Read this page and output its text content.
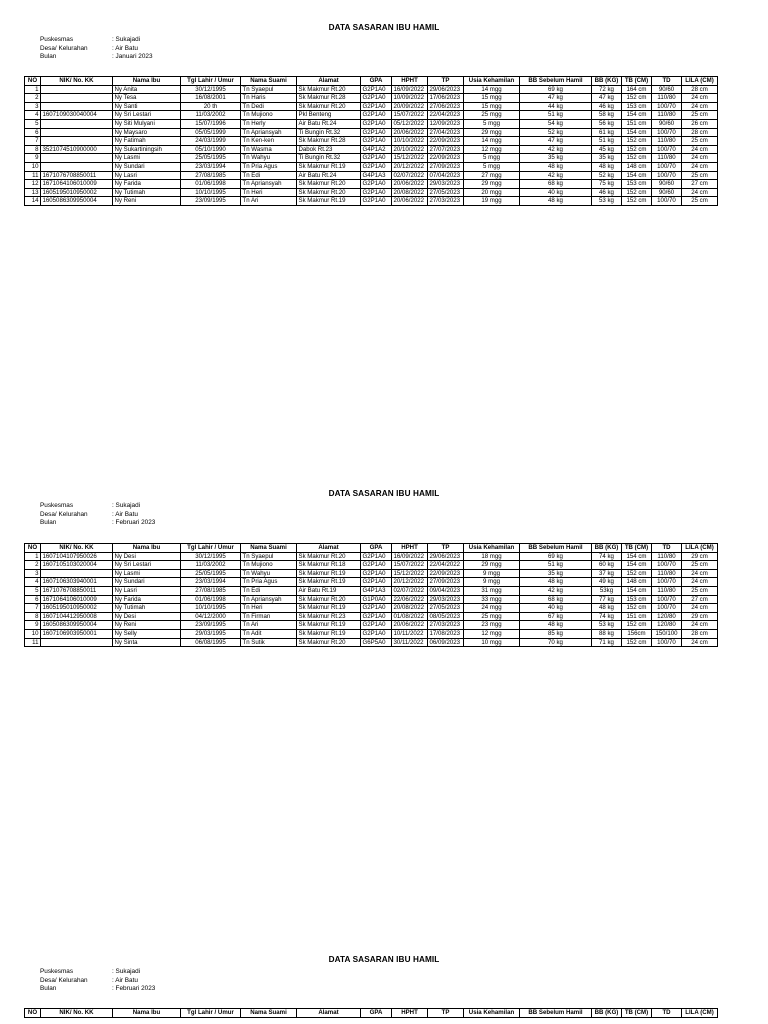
DATA SASARAN IBU HAMIL
Puskesmas	: Sukajadi
Desa/ Kelurahan	: Air Batu
Bulan	: Januari 2023
NO	NIK/ No. KK	Nama Ibu	Tgl Lahir / Umur	Nama Suami	Alamat	GPA	HPHT	TP	Usia Kehamilan	BB Sebelum Hamil	BB (KG)	TB (CM)	TD	LILA (CM)
1		Ny Anita	30/12/1995	Tn Syaepul	Sk Makmur Rt.20	G2P1A0	16/09/2022	29/06/2023	14 mgg	69 kg	72 kg	164 cm	90/60	28 cm
2		Ny Tesa	16/08/2001	Tn Haris	Sk Makmur Rt.28	G2P1A0	10/09/2022	17/06/2023	15 mgg	47 kg	47 kg	152 cm	110/80	24 cm
3		Ny Santi	20 th	Tn Dedi	Sk Makmur Rt.20	G2P1A0	20/09/2022	27/06/2023	15 mgg	44 kg	46 kg	153 cm	100/70	24 cm
4	1607109030040004	Ny Sri Lestari	11/03/2002	Tn Mujiono	Pkl Benteng	G2P1A0	15/07/2022	22/04/2023	25 mgg	51 kg	58 kg	154 cm	110/80	25 cm
5		Ny Siti Mulyani	15/07/1996	Tn Herly	Air Batu Rt.24	G2P1A0	05/12/2022	12/09/2023	5 mgg	54 kg	56 kg	151 cm	90/60	26 cm
6		Ny Maysaro	05/05/1999	Tn Apriansyah	Ti Bungin Rt.32	G2P1A0	20/06/2022	27/04/2023	29 mgg	52 kg	61 kg	154 cm	100/70	28 cm
7		Ny Fatimah	24/03/1999	Tn Ken-ken	Sk Makmur Rt.28	G2P1A0	10/10/2022	22/09/2023	14 mgg	47 kg	51 kg	152 cm	110/80	25 cm
8	3521074510900000	Ny Sukartiningsih	05/10/1990	Tn Wasma	Dabok Rt.23	G4P1A2	20/10/2022	27/07/2023	12 mgg	42 kg	45 kg	152 cm	100/70	24 cm
9		Ny Lasmi	25/05/1995	Tn Wahyu	Ti Bungin Rt.32	G2P1A0	15/12/2022	22/09/2023	5 mgg	35 kg	35 kg	152 cm	110/80	24 cm
10		Ny Sundari	23/03/1994	Tn Pria Agus	Sk Makmur Rt.19	G2P1A0	20/12/2022	27/09/2023	5 mgg	48 kg	48 kg	148 cm	100/70	24 cm
11	1671076708850011	Ny Lasri	27/08/1985	Tn Edi	Air Batu Rt.24	G4P1A3	02/07/2022	07/04/2023	27 mgg	42 kg	52 kg	154 cm	100/70	25 cm
12	1671064106010009	Ny Farida	01/06/1998	Tn Apriansyah	Sk Makmur Rt.20	G2P1A0	20/06/2022	29/03/2023	29 mgg	68 kg	75 kg	153 cm	90/60	27 cm
13	1605195010950002	Ny Tutimah	10/10/1995	Tn Heri	Sk Makmur Rt.20	G2P1A0	20/08/2022	27/05/2023	20 mgg	40 kg	46 kg	152 cm	90/60	24 cm
14	1605086309950004	Ny Reni	23/09/1995	Tn Ari	Sk Makmur Rt.19	G2P1A0	20/06/2022	27/03/2023	19 mgg	48 kg	53 kg	152 cm	100/70	25 cm
DATA SASARAN IBU HAMIL
Puskesmas	: Sukajadi
Desa/ Kelurahan	: Air Batu
Bulan	: Februari 2023
NO	NIK/ No. KK	Nama Ibu	Tgl Lahir / Umur	Nama Suami	Alamat	GPA	HPHT	TP	Usia Kehamilan	BB Sebelum Hamil	BB (KG)	TB (CM)	TD	LILA (CM)
1	1607104107950026	Ny Desi	30/12/1995	Tn Syaepul	Sk Makmur Rt.20	G2P1A0	16/09/2022	29/06/2023	18 mgg	69 kg	74 kg	154 cm	110/80	29 cm
2	1607105103020004	Ny Sri Lestari	11/03/2002	Tn Mujiono	Sk Makmur Rt.18	G2P1A0	15/07/2022	22/04/2022	29 mgg	51 kg	60 kg	154 cm	100/70	25 cm
3		Ny Lasmi	25/05/1995	Tn Wahyu	Sk Makmur Rt.19	G2P1A0	15/12/2022	22/09/2023	9 mgg	35 kg	37 kg	152 cm	110/80	24 cm
4	1607106303940001	Ny Sundari	23/03/1994	Tn Pria Agus	Sk Makmur Rt.19	G2P1A0	20/12/2022	27/09/2023	9 mgg	48 kg	49 kg	148 cm	100/70	24 cm
5	1671076708850011	Ny Lasri	27/08/1985	Tn Edi	Air Batu Rt.19	G4P1A3	02/07/2022	09/04/2023	31 mgg	42 kg	53kg	154 cm	110/80	25 cm
6	1671064106010009	Ny Farida	01/06/1998	Tn Apriansyah	Sk Makmur Rt.20	G1P0A0	22/06/2022	29/03/2023	33 mgg	68 kg	77 kg	153 cm	100/70	27 cm
7	1605195010950002	Ny Tutimah	10/10/1995	Tn Heri	Sk Makmur Rt.19	G2P1A0	20/08/2022	27/05/2023	24 mgg	40 kg	48 kg	152 cm	100/70	24 cm
8	1607104412950008	Ny Desi	04/12/2000	Tn Firman	Sk Makmur Rt.23	G2P1A0	01/08/2022	08/05/2023	25 mgg	67 kg	74 kg	151 cm	120/80	29 cm
9	1605086309950004	Ny Reni	23/09/1995	Tn Ari	Sk Makmur Rt.19	G2P1A0	20/06/2022	27/03/2023	23 mgg	48 kg	53 kg	152 cm	120/80	24 cm
10	1607106903950001	Ny Selly	29/03/1995	Tn Adit	Sk Makmur Rt.19	G2P1A0	10/11/2022	17/08/2023	12 mgg	85 kg	88 kg	156cm	150/100	28 cm
11		Ny Sinta	06/08/1995	Tn Sutik	Sk Makmur Rt.20	G6P5A0	30/11/2022	06/09/2023	10 mgg	70 kg	71 kg	152 cm	100/70	24 cm
DATA SASARAN IBU HAMIL
Puskesmas	: Sukajadi
Desa/ Kelurahan	: Air Batu
Bulan	: Februari 2023
NO	NIK/ No. KK	Nama Ibu	Tgl Lahir / Umur	Nama Suami	Alamat	GPA	HPHT	TP	Usia Kehamilan	BB Sebelum Hamil	BB (KG)	TB (CM)	TD	LILA (CM)
